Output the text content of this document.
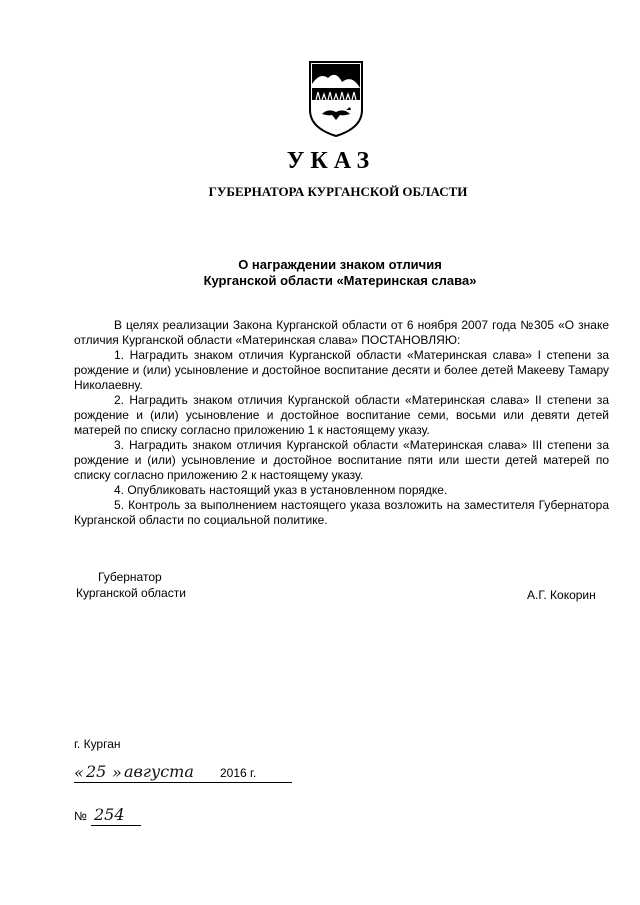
УКАЗ
ГУБЕРНАТОРА КУРГАНСКОЙ ОБЛАСТИ
О награждении знаком отличия
Курганской области «Материнская слава»

В целях реализации Закона Курганской области от 6 ноября 2007 года №305 «О знаке отличия Курганской области «Материнская слава» ПОСТАНОВЛЯЮ:

1. Наградить знаком отличия Курганской области «Материнская слава» I степени за рождение и (или) усыновление и достойное воспитание десяти и более детей Макееву Тамару Николаевну.

2. Наградить знаком отличия Курганской области «Материнская слава» II степени за рождение и (или) усыновление и достойное воспитание семи, восьми или девяти детей матерей по списку согласно приложению 1 к настоящему указу.

3. Наградить знаком отличия Курганской области «Материнская слава» III степени за рождение и (или) усыновление и достойное воспитание пяти или шести детей матерей по списку согласно приложению 2 к настоящему указу.

4. Опубликовать настоящий указ в установленном порядке.

5. Контроль за выполнением настоящего указа возложить на заместителя Губернатора Курганской области по социальной политике.

Губернатор
Курганской области	А.Г. Кокорин
г. Курган
« 25 » августа 2016 г.
№ 254
